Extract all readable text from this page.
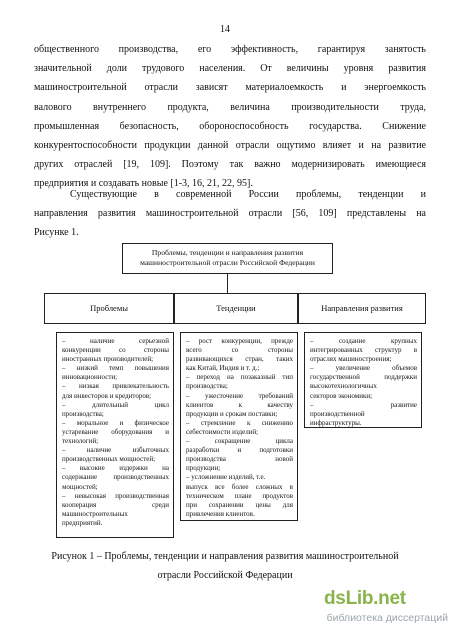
14
общественного производства, его эффективность, гарантируя занятость
значительной доли трудового населения. От величины уровня развития
машиностроительной отрасли зависят материалоемкость и энергоемкость
валового внутреннего продукта, величина производительности труда,
промышленная безопасность, обороноспособность государства. Снижение
конкурентоспособности продукции данной отрасли ощутимо влияет и на развитие
других отраслей [19, 109]. Поэтому так важно модернизировать имеющиеся
предприятия и создавать новые [1-3, 16, 21, 22, 95].
Существующие в современной России проблемы, тенденции и
направления развития машиностроительной отрасли [56, 109] представлены на
Рисунке 1.
Проблемы, тенденции и направления развития
машиностроительной отрасли Российской Федерации
Проблемы	Тенденции	Направления развития
– наличие серьезной
конкуренции со стороны
иностранных производителей;
– низкий темп повышения
инновационности;
– низкая привлекательность
для инвесторов и кредиторов;
– длительный цикл
производства;
– моральное и физическое
устаревание оборудования и
технологий;
– наличие избыточных
производственных мощностей;
– высокие издержки на
содержание производственных
мощностей;
– невысокая производственная
кооперация среди
машиностроительных
предприятий.
– рост конкуренции, прежде
всего со стороны
развивающихся стран, таких
как Китай, Индия и т. д.;
– переход на позаказный тип
производства;
– ужесточение требований
клиентов к качеству
продукции и срокам поставки;
– стремление к снижению
себестоимости изделий;
– сокращение цикла
разработки и подготовки
производства новой
продукции;
– усложнение изделий, т.е.
выпуск все более сложных в
техническом плане продуктов
при сохранении цены для
привлечения клиентов.
– создание крупных
интегрированных структур в
отраслях машиностроения;
– увеличение объемов
государственной поддержки
высокотехнологичных
секторов экономики;
– развитие
производственной
инфраструктуры.
Рисунок 1 – Проблемы, тенденции и направления развития машиностроительной
отрасли Российской Федерации
dsLib.net
библиотека диссертаций
